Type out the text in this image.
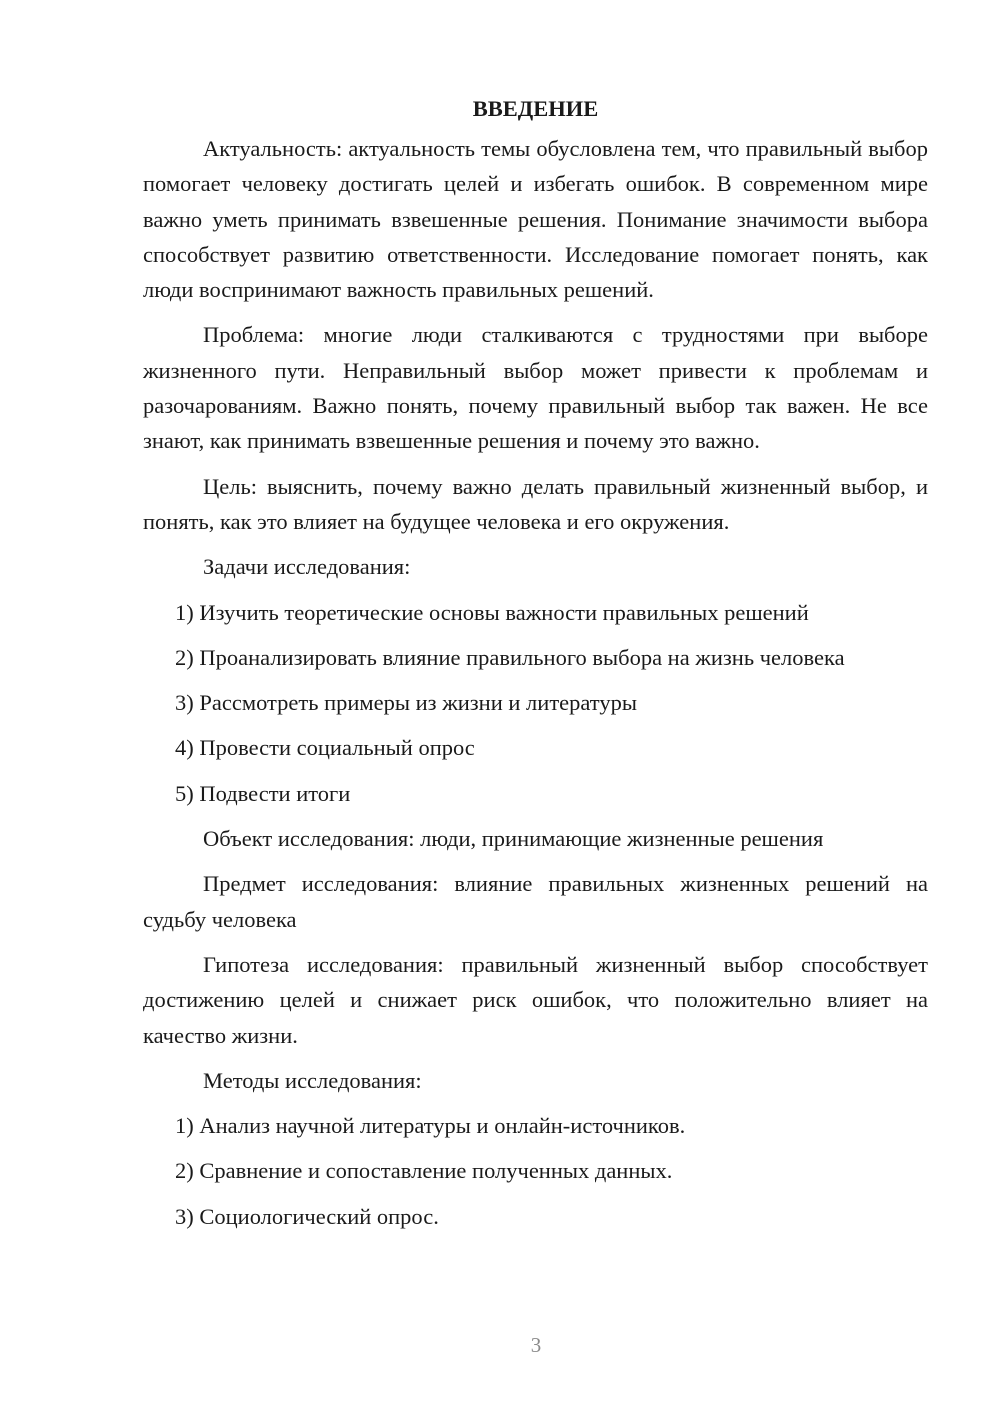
ВВЕДЕНИЕ

Актуальность: актуальность темы обусловлена тем, что правильный выбор помогает человеку достигать целей и избегать ошибок. В современном мире важно уметь принимать взвешенные решения. Понимание значимости выбора способствует развитию ответственности. Исследование помогает понять, как люди воспринимают важность правильных решений.

Проблема: многие люди сталкиваются с трудностями при выборе жизненного пути. Неправильный выбор может привести к проблемам и разочарованиям. Важно понять, почему правильный выбор так важен. Не все знают, как принимать взвешенные решения и почему это важно.

Цель: выяснить, почему важно делать правильный жизненный выбор, и понять, как это влияет на будущее человека и его окружения.

Задачи исследования:

1) Изучить теоретические основы важности правильных решений

2) Проанализировать влияние правильного выбора на жизнь человека

3) Рассмотреть примеры из жизни и литературы

4) Провести социальный опрос

5) Подвести итоги

Объект исследования: люди, принимающие жизненные решения

Предмет исследования: влияние правильных жизненных решений на судьбу человека

Гипотеза исследования: правильный жизненный выбор способствует достижению целей и снижает риск ошибок, что положительно влияет на качество жизни.

Методы исследования:

1) Анализ научной литературы и онлайн-источников.

2) Сравнение и сопоставление полученных данных.

3) Социологический опрос.

3
